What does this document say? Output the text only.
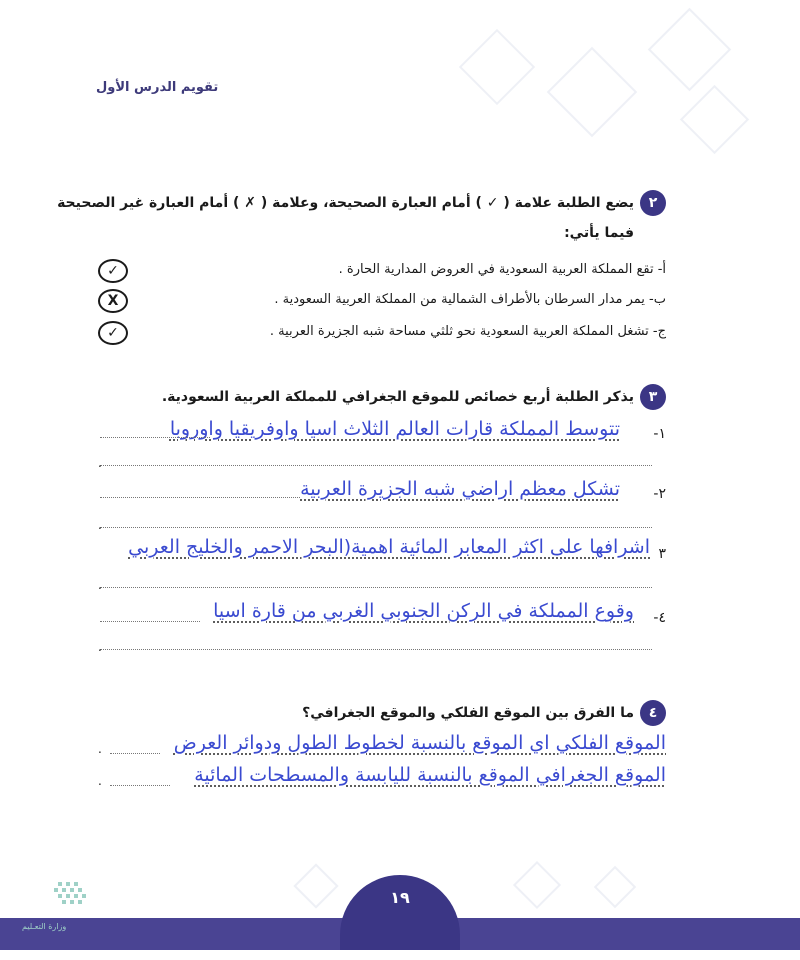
تقويم الدرس الأول
٢
يضع الطلبة علامة ( ✓ ) أمام العبارة الصحيحة، وعلامة ( ✗ ) أمام العبارة غير الصحيحة
فيما يأتي:
أ- تقع المملكة العربية السعودية في العروض المدارية الحارة .
✓
ب- يمر مدار السرطان بالأطراف الشمالية من المملكة العربية السعودية .
X
ج- تشغل المملكة العربية السعودية نحو ثلثي مساحة شبه الجزيرة العربية .
✓
٣
يذكر الطلبة أربع خصائص للموقع الجغرافي للمملكة العربية السعودية.
١-
تتوسط المملكة قارات العالم الثلاث اسيا واوفريقيا واوروبا
.
٢-
تشكل معظم اراضي شبه الجزيرة العربية
.
٣
اشرافها على اكثر المعابر المائية اهمية(البحر الاحمر والخليج العربي
.
٤-
وقوع المملكة في الركن الجنوبي الغربي من قارة اسيا
.
٤
ما الفرق بين الموقع الفلكي والموقع الجغرافي؟
الموقع الفلكي اي الموقع بالنسبة لخطوط الطول ودوائر العرض
.
الموقع الجغرافي الموقع بالنسبة لليابسة والمسطحات المائية
.
١٩
وزارة التعـليم
